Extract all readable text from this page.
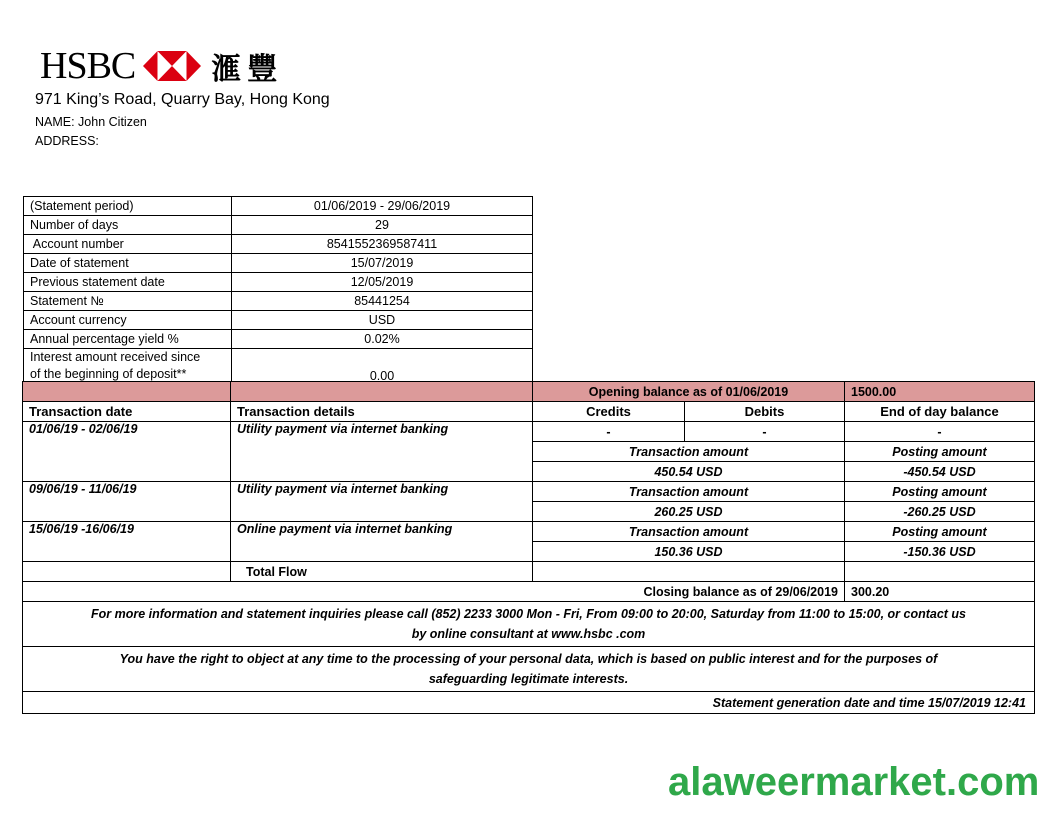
HSBC	滙豐
971 King’s Road, Quarry Bay, Hong Kong
NAME: John Citizen
ADDRESS:
(Statement period)	01/06/2019 - 29/06/2019
Number of days	29
Account number	8541552369587411
Date of statement	15/07/2019
Previous statement date	12/05/2019
Statement №	85441254
Account currency	USD
Annual percentage yield %	0.02%
Interest amount received since
of the beginning of deposit**	0.00
		Opening balance as of 01/06/2019		1500.00
Transaction date	Transaction details	Credits	Debits	End of day balance
01/06/19 - 02/06/19	Utility payment via internet banking	-	-	-
		Transaction amount		Posting amount
		450.54 USD		-450.54 USD
09/06/19 - 11/06/19	Utility payment via internet banking	Transaction amount		Posting amount
		260.25 USD		-260.25 USD
15/06/19 -16/06/19	Online payment via internet banking	Transaction amount		Posting amount
		150.36 USD		-150.36 USD
	Total Flow			
Closing balance as of 29/06/2019				300.20
For more information and statement inquiries please call (852) 2233 3000 Mon - Fri, From 09:00 to 20:00, Saturday from 11:00 to 15:00, or contact us
by online consultant at www.hsbc .com				
You have the right to object at any time to the processing of your personal data, which is based on public interest and for the purposes of
safeguarding legitimate interests.				
Statement generation date and time 15/07/2019 12:41				
alaweermarket.com
